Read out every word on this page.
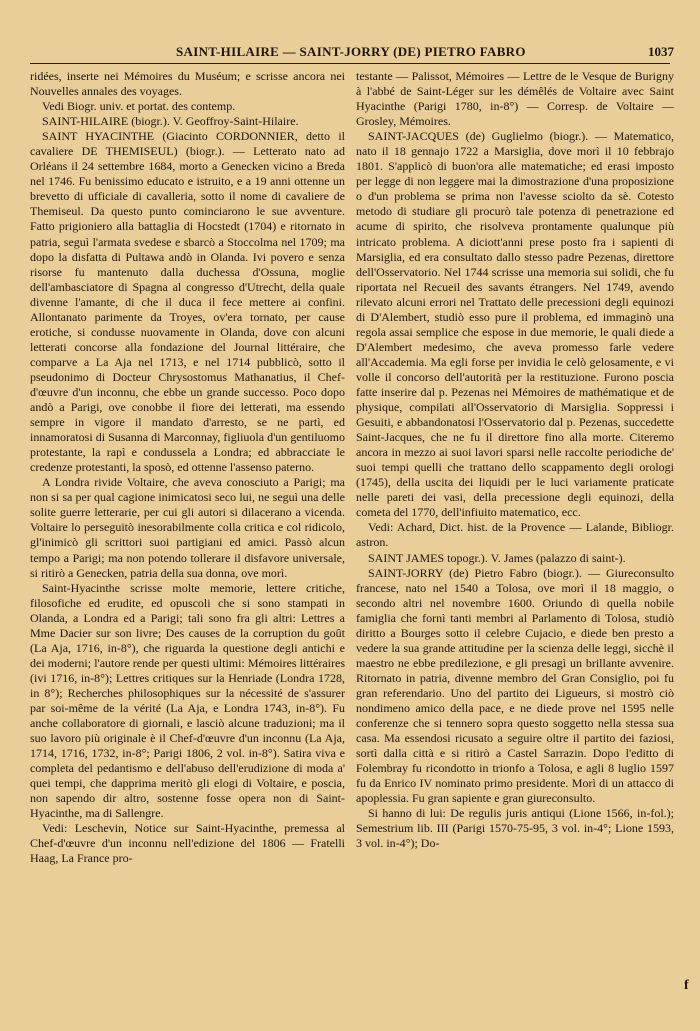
SAINT-HILAIRE — SAINT-JORRY (DE) PIETRO FABRO	1037

ridées, inserte nei Mémoires du Muséum; e scrisse ancora nei Nouvelles annales des voyages.

Vedi Biogr. univ. et portat. des contemp.

SAINT-HILAIRE (biogr.). V. Geoffroy-Saint-Hilaire.

SAINT HYACINTHE (Giacinto CORDONNIER, detto il cavaliere DE THEMISEUL) (biogr.). — Letterato nato ad Orléans il 24 settembre 1684, morto a Genecken vicino a Breda nel 1746. Fu benissimo educato e istruito, e a 19 anni ottenne un brevetto di ufficiale di cavalleria, sotto il nome di cavaliere de Themiseul. Da questo punto cominciarono le sue avventure. Fatto prigioniero alla battaglia di Hocstedt (1704) e ritornato in patria, seguì l'armata svedese e sbarcò a Stoccolma nel 1709; ma dopo la disfatta di Pultawa andò in Olanda. Ivi povero e senza risorse fu mantenuto dalla duchessa d'Ossuna, moglie dell'ambasciatore di Spagna al congresso d'Utrecht, della quale divenne l'amante, di che il duca il fece mettere ai confini. Allontanato parimente da Troyes, ov'era tornato, per cause erotiche, si condusse nuovamente in Olanda, dove con alcuni letterati concorse alla fondazione del Journal littéraire, che comparve a La Aja nel 1713, e nel 1714 pubblicò, sotto il pseudonimo di Docteur Chrysostomus Mathanatius, il Chef-d'œuvre d'un inconnu, che ebbe un grande successo. Poco dopo andò a Parigi, ove conobbe il fiore dei letterati, ma essendo sempre in vigore il mandato d'arresto, se ne partì, ed innamoratosi di Susanna di Marconnay, figliuola d'un gentiluomo protestante, la rapì e condussela a Londra; ed abbracciate le credenze protestanti, la sposò, ed ottenne l'assenso paterno.

A Londra rivide Voltaire, che aveva conosciuto a Parigi; ma non si sa per qual cagione inimicatosi seco lui, ne seguì una delle solite guerre letterarie, per cui gli autori si dilacerano a vicenda. Voltaire lo perseguitò inesorabilmente colla critica e col ridicolo, gl'inimicò gli scrittori suoi partigiani ed amici. Passò alcun tempo a Parigi; ma non potendo tollerare il disfavore universale, si ritirò a Genecken, patria della sua donna, ove morì.

Saint-Hyacinthe scrisse molte memorie, lettere critiche, filosofiche ed erudite, ed opuscoli che si sono stampati in Olanda, a Londra ed a Parigi; tali sono fra gli altri: Lettres a Mme Dacier sur son livre; Des causes de la corruption du goût (La Aja, 1716, in-8°), che riguarda la questione degli antichi e dei moderni; l'autore rende per questi ultimi: Mémoires littéraires (ivi 1716, in-8°); Lettres critiques sur la Henriade (Londra 1728, in 8°); Recherches philosophiques sur la nécessité de s'assurer par soi-même de la vérité (La Aja, e Londra 1743, in-8°). Fu anche collaboratore di giornali, e lasciò alcune traduzioni; ma il suo lavoro più originale è il Chef-d'œuvre d'un inconnu (La Aja, 1714, 1716, 1732, in-8°; Parigi 1806, 2 vol. in-8°). Satira viva e completa del pedantismo e dell'abuso dell'erudizione di moda a' quei tempi, che dapprima meritò gli elogi di Voltaire, e poscia, non sapendo dir altro, sostenne fosse opera non di Saint-Hyacinthe, ma di Sallengre.

Vedi: Leschevin, Notice sur Saint-Hyacinthe, premessa al Chef-d'œuvre d'un inconnu nell'edizione del 1806 — Fratelli Haag, La France pro-

testante — Palissot, Mémoires — Lettre de le Vesque de Burigny à l'abbé de Saint-Léger sur les démêlés de Voltaire avec Saint Hyacinthe (Parigi 1780, in-8°) — Corresp. de Voltaire — Grosley, Mémoires.

SAINT-JACQUES (de) Guglielmo (biogr.). — Matematico, nato il 18 gennajo 1722 a Marsiglia, dove morì il 10 febbrajo 1801. S'applicò di buon'ora alle matematiche; ed erasi imposto per legge di non leggere mai la dimostrazione d'una proposizione o d'un problema se prima non l'avesse sciolto da sè. Cotesto metodo di studiare gli procurò tale potenza di penetrazione ed acume di spirito, che risolveva prontamente qualunque più intricato problema. A diciott'anni prese posto fra i sapienti di Marsiglia, ed era consultato dallo stesso padre Pezenas, direttore dell'Osservatorio. Nel 1744 scrisse una memoria sui solidi, che fu riportata nel Recueil des savants étrangers. Nel 1749, avendo rilevato alcuni errori nel Trattato delle precessioni degli equinozi di D'Alembert, studiò esso pure il problema, ed immaginò una regola assai semplice che espose in due memorie, le quali diede a D'Alembert medesimo, che aveva promesso farle vedere all'Accademia. Ma egli forse per invidia le celò gelosamente, e vi volle il concorso dell'autorità per la restituzione. Furono poscia fatte inserire dal p. Pezenas nei Mémoires de mathématique et de physique, compilati all'Osservatorio di Marsiglia. Soppressi i Gesuiti, e abbandonatosi l'Osservatorio dal p. Pezenas, succedette Saint-Jacques, che ne fu il direttore fino alla morte. Citeremo ancora in mezzo ai suoi lavori sparsi nelle raccolte periodiche de' suoi tempi quelli che trattano dello scappamento degli orologi (1745), della uscita dei liquidi per le luci variamente praticate nelle pareti dei vasi, della precessione degli equinozi, della cometa del 1770, dell'infiuito matematico, ecc.

Vedi: Achard, Dict. hist. de la Provence — Lalande, Bibliogr. astron.

SAINT JAMES topogr.). V. James (palazzo di saint-).

SAINT-JORRY (de) Pietro Fabro (biogr.). — Giureconsulto francese, nato nel 1540 a Tolosa, ove morì il 18 maggio, o secondo altri nel novembre 1600. Oriundo di quella nobile famiglia che fornì tanti membri al Parlamento di Tolosa, studiò diritto a Bourges sotto il celebre Cujacio, e diede ben presto a vedere la sua grande attitudine per la scienza delle leggi, sicchè il maestro ne ebbe predilezione, e gli presagì un brillante avvenire. Ritornato in patria, divenne membro del Gran Consiglio, poi fu gran referendario. Uno del partito dei Ligueurs, si mostrò ciò nondimeno amico della pace, e ne diede prove nel 1595 nelle conferenze che si tennero sopra questo soggetto nella stessa sua casa. Ma essendosi ricusato a seguire oltre il partito dei faziosi, sortì dalla città e si ritirò a Castel Sarrazin. Dopo l'editto di Folembray fu ricondotto in trionfo a Tolosa, e agli 8 luglio 1597 fu da Enrico IV nominato primo presidente. Morì di un attacco di apoplessia. Fu gran sapiente e gran giureconsulto.

Si hanno di lui: De regulis juris antiqui (Lione 1566, in-fol.); Semestrium lib. III (Parigi 1570-75-95, 3 vol. in-4°; Lione 1593, 3 vol. in-4°); Do-

f
